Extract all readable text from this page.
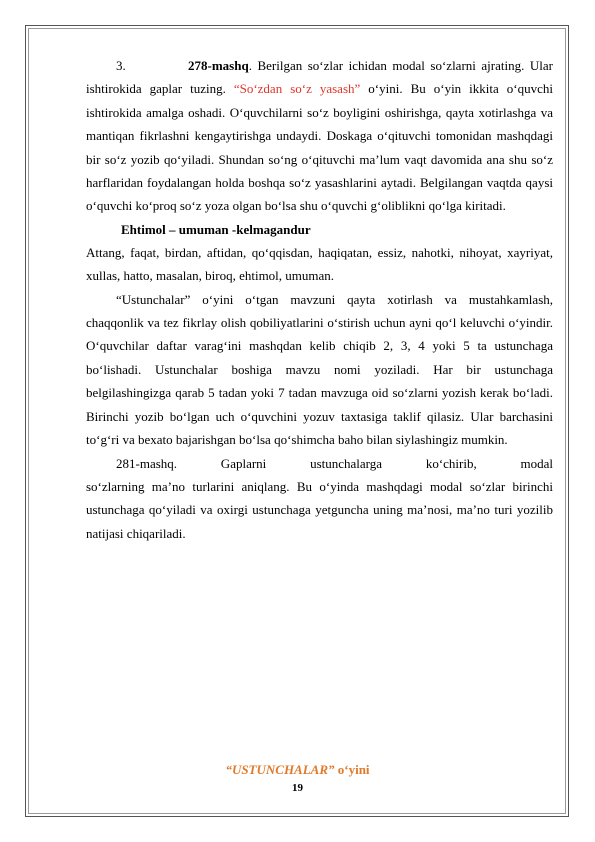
3.	278-mashq. Berilgan so‘zlar ichidan modal so‘zlarni ajrating. Ular ishtirokida gaplar tuzing. “So‘zdan so‘z yasash” o‘yini. Bu o‘yin ikkita o‘quvchi ishtirokida amalga oshadi. O‘quvchilarni so‘z boyligini oshirishga, qayta xotirlashga va mantiqan fikrlashni kengaytirishga undaydi. Doskaga o‘qituvchi tomonidan mashqdagi bir so‘z yozib qo‘yiladi. Shundan so‘ng o‘qituvchi ma’lum vaqt davomida ana shu so‘z harflaridan foydalangan holda boshqa so‘z yasashlarini aytadi. Belgilangan vaqtda qaysi o‘quvchi ko‘proq so‘z yoza olgan bo‘lsa shu o‘quvchi g‘oliblikni qo‘lga kiritadi.

Ehtimol – umuman -kelmagandur

Attang, faqat, birdan, aftidan, qo‘qqisdan, haqiqatan, essiz, nahotki, nihoyat, xayriyat, xullas, hatto, masalan, biroq, ehtimol, umuman.

“Ustunchalar” o‘yini o‘tgan mavzuni qayta xotirlash va mustahkamlash, chaqqonlik va tez fikrlay olish qobiliyatlarini o‘stirish uchun ayni qo‘l keluvchi o‘yindir. O‘quvchilar daftar varag‘ini mashqdan kelib chiqib 2, 3, 4 yoki 5 ta ustunchaga bo‘lishadi. Ustunchalar boshiga mavzu nomi yoziladi. Har bir ustunchaga belgilashingizga qarab 5 tadan yoki 7 tadan mavzuga oid so‘zlarni yozish kerak bo‘ladi. Birinchi yozib bo‘lgan uch o‘quvchini yozuv taxtasiga taklif qilasiz. Ular barchasini to‘g‘ri va bexato bajarishgan bo‘lsa qo‘shimcha baho bilan siylashingiz mumkin.

281-mashq. Gaplarni ustunchalarga ko‘chirib, modal

so‘zlarning ma’no turlarini aniqlang. Bu o‘yinda mashqdagi modal so‘zlar birinchi ustunchaga qo‘yiladi va oxirgi ustunchaga yetguncha uning ma’nosi, ma’no turi yozilib natijasi chiqariladi.

“USTUNCHALAR” o‘yini
19
